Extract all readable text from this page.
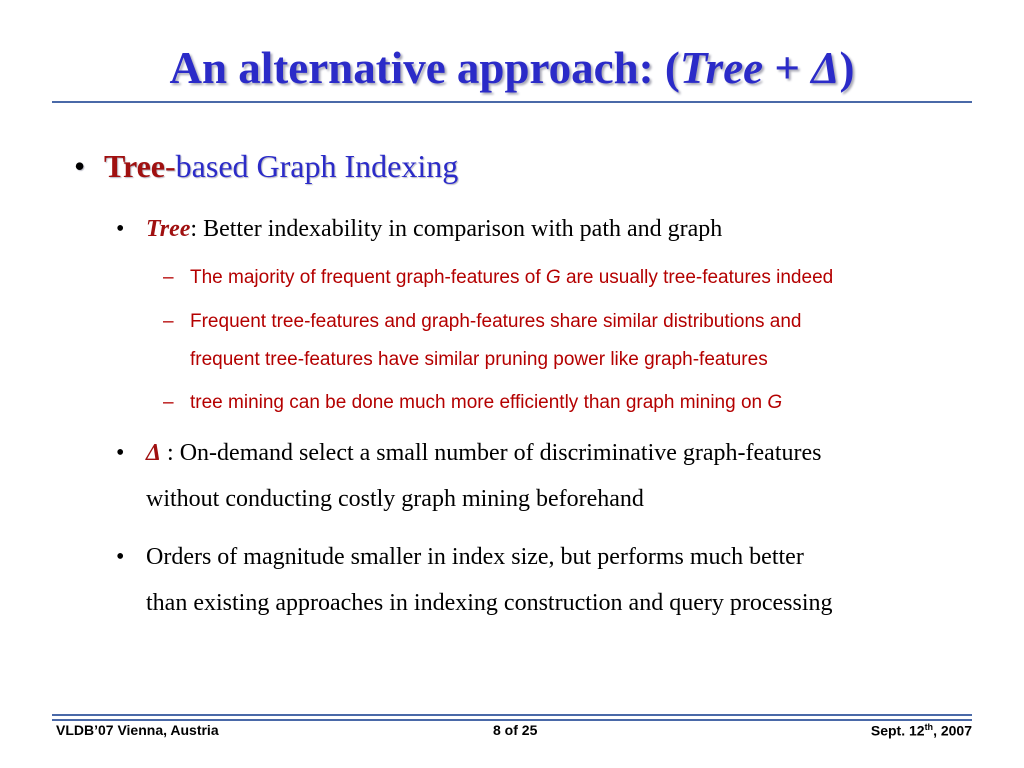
An alternative approach: (Tree + Δ)
• Tree-based Graph Indexing
• Tree: Better indexability in comparison with path and graph
– The majority of frequent graph-features of G are usually tree-features indeed
– Frequent tree-features and graph-features share similar distributions and
frequent tree-features have similar pruning power like graph-features
– tree mining can be done much more efficiently than graph mining on G
• Δ : On-demand select a small number of discriminative graph-features
without conducting costly graph mining beforehand
• Orders of magnitude smaller in index size, but performs much better
than existing approaches in indexing construction and query processing
VLDB’07 Vienna, Austria	8 of 25	Sept. 12th, 2007
